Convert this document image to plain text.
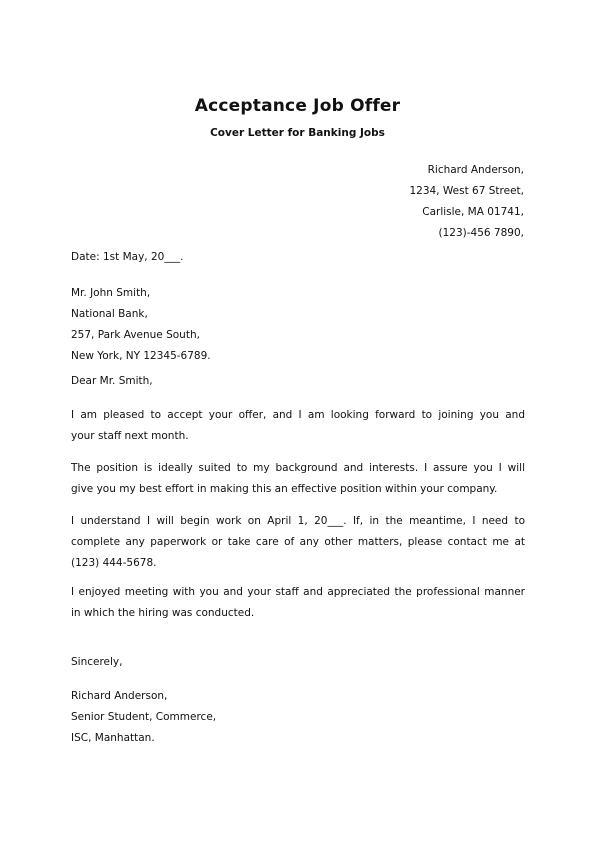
Acceptance Job Offer
Cover Letter for Banking Jobs
Richard Anderson,
1234, West 67 Street,
Carlisle, MA 01741,
(123)-456 7890,
Date: 1st May, 20___.
Mr. John Smith,
National Bank,
257, Park Avenue South,
New York, NY 12345-6789.
Dear Mr. Smith,
I am pleased to accept your offer, and I am looking forward to joining you and
your staff next month.
The position is ideally suited to my background and interests. I assure you I will
give you my best effort in making this an effective position within your company.
I understand I will begin work on April 1, 20___. If, in the meantime, I need to
complete any paperwork or take care of any other matters, please contact me at
(123) 444-5678.
I enjoyed meeting with you and your staff and appreciated the professional manner
in which the hiring was conducted.
Sincerely,
Richard Anderson,
Senior Student, Commerce,
ISC, Manhattan.
